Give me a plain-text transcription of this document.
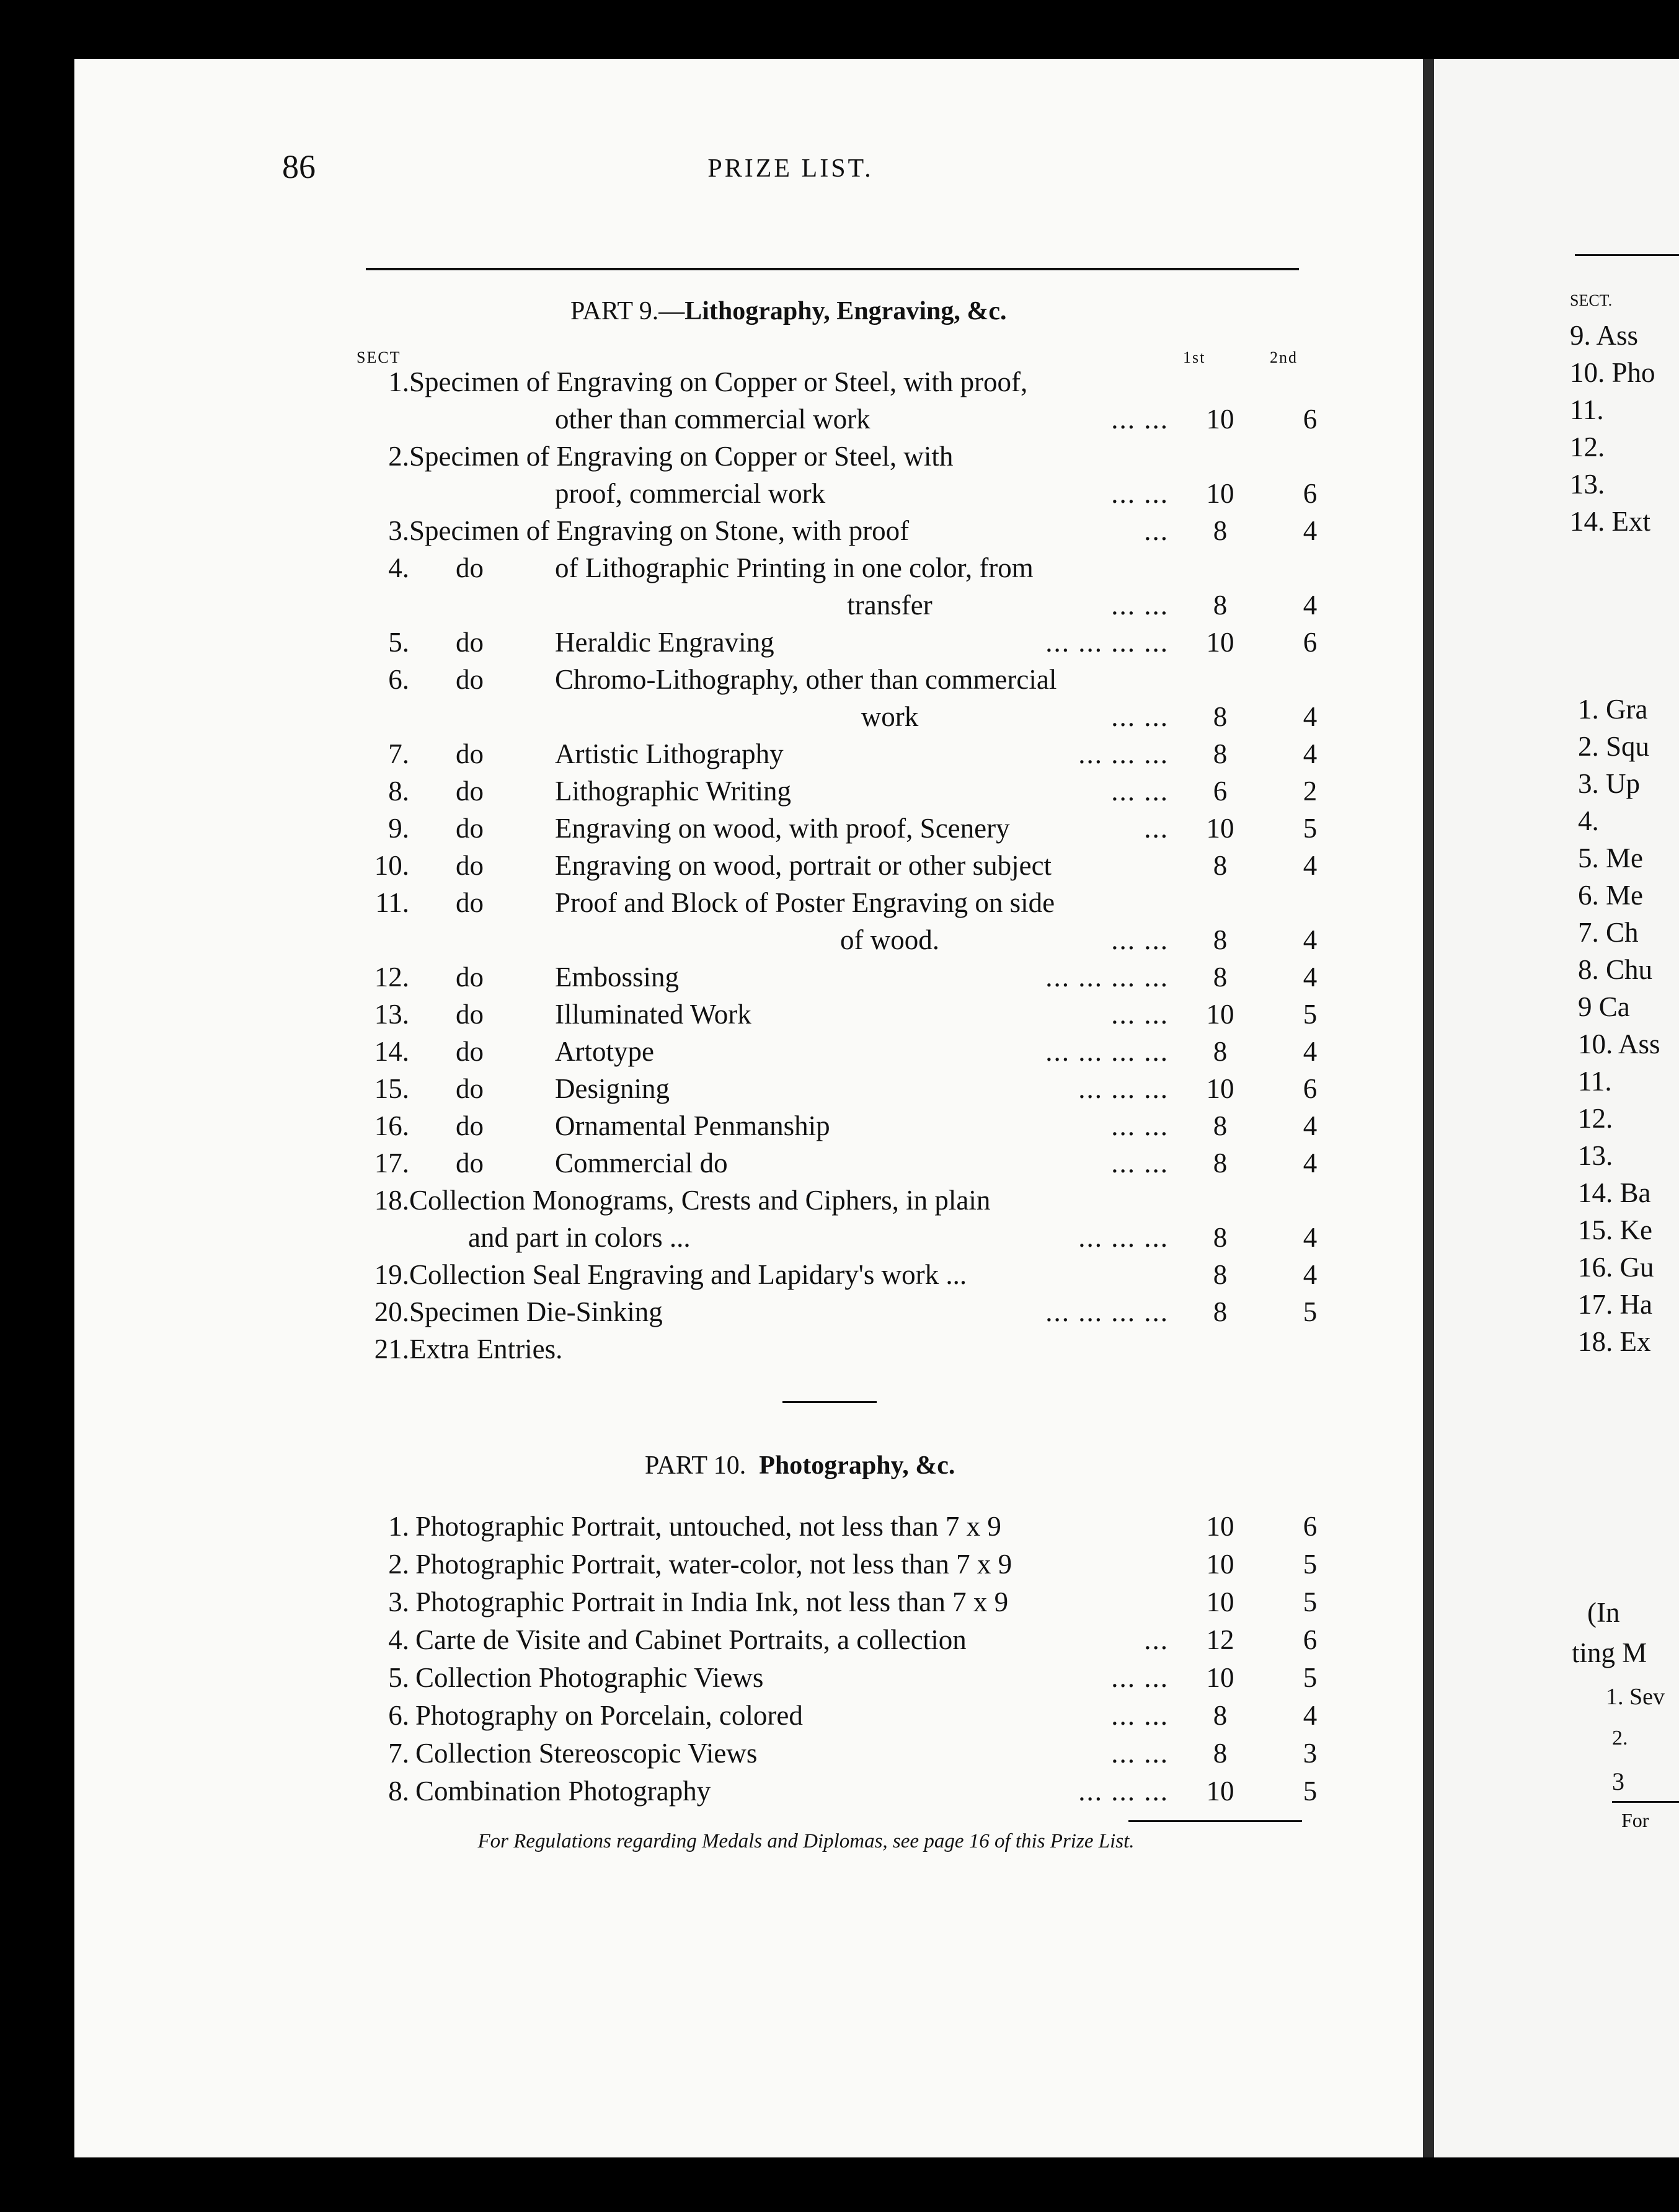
86	PRIZE LIST.
PART 9.—Lithography, Engraving, &c.
SECT	1st	2nd
1. Specimen of Engraving on Copper or Steel, with proof,
other than commercial work	... ...	10	6
2. Specimen of Engraving on Copper or Steel, with
proof, commercial work	... ...	10	6
3. Specimen of Engraving on Stone, with proof	...	8	4
4. do	of Lithographic Printing in one color, from
transfer	... ...	8	4
5. do	Heraldic Engraving	... ... ... ...	10	6
6. do	Chromo-Lithography, other than commercial
work	... ...	8	4
7. do	Artistic Lithography	... ... ...	8	4
8. do	Lithographic Writing	... ...	6	2
9. do	Engraving on wood, with proof, Scenery	...	10	5
10. do	Engraving on wood, portrait or other subject	8	4
11. do	Proof and Block of Poster Engraving on side
of wood.	... ...	8	4
12. do	Embossing	... ... ... ...	8	4
13. do	Illuminated Work	... ...	10	5
14. do	Artotype	... ... ... ...	8	4
15. do	Designing	... ... ...	10	6
16. do	Ornamental Penmanship	... ...	8	4
17. do	Commercial do	... ...	8	4
18. Collection Monograms, Crests and Ciphers, in plain
and part in colors ...	... ... ...	8	4
19. Collection Seal Engraving and Lapidary's work ...	8	4
20. Specimen Die-Sinking	... ... ... ...	8	5
21. Extra Entries.
PART 10. Photography, &c.
1. Photographic Portrait, untouched, not less than 7 x 9	10	6
2. Photographic Portrait, water-color, not less than 7 x 9	10	5
3. Photographic Portrait in India Ink, not less than 7 x 9	10	5
4. Carte de Visite and Cabinet Portraits, a collection	...	12	6
5. Collection Photographic Views	... ...	10	5
6. Photography on Porcelain, colored	... ...	8	4
7. Collection Stereoscopic Views	... ...	8	3
8. Combination Photography	... ... ...	10	5
For Regulations regarding Medals and Diplomas, see page 16 of this Prize List.
SECT.
9. Ass
10. Pho
11.
12.
13.
14. Ext
1. Gra
2. Squ
3. Up
4.
5. Me
6. Me
7. Ch
8. Chu
9 Ca
10. Ass
11.
12.
13.
14. Ba
15. Ke
16. Gu
17. Ha
18. Ex
(In
ting M
1. Sev
2.
3
For
